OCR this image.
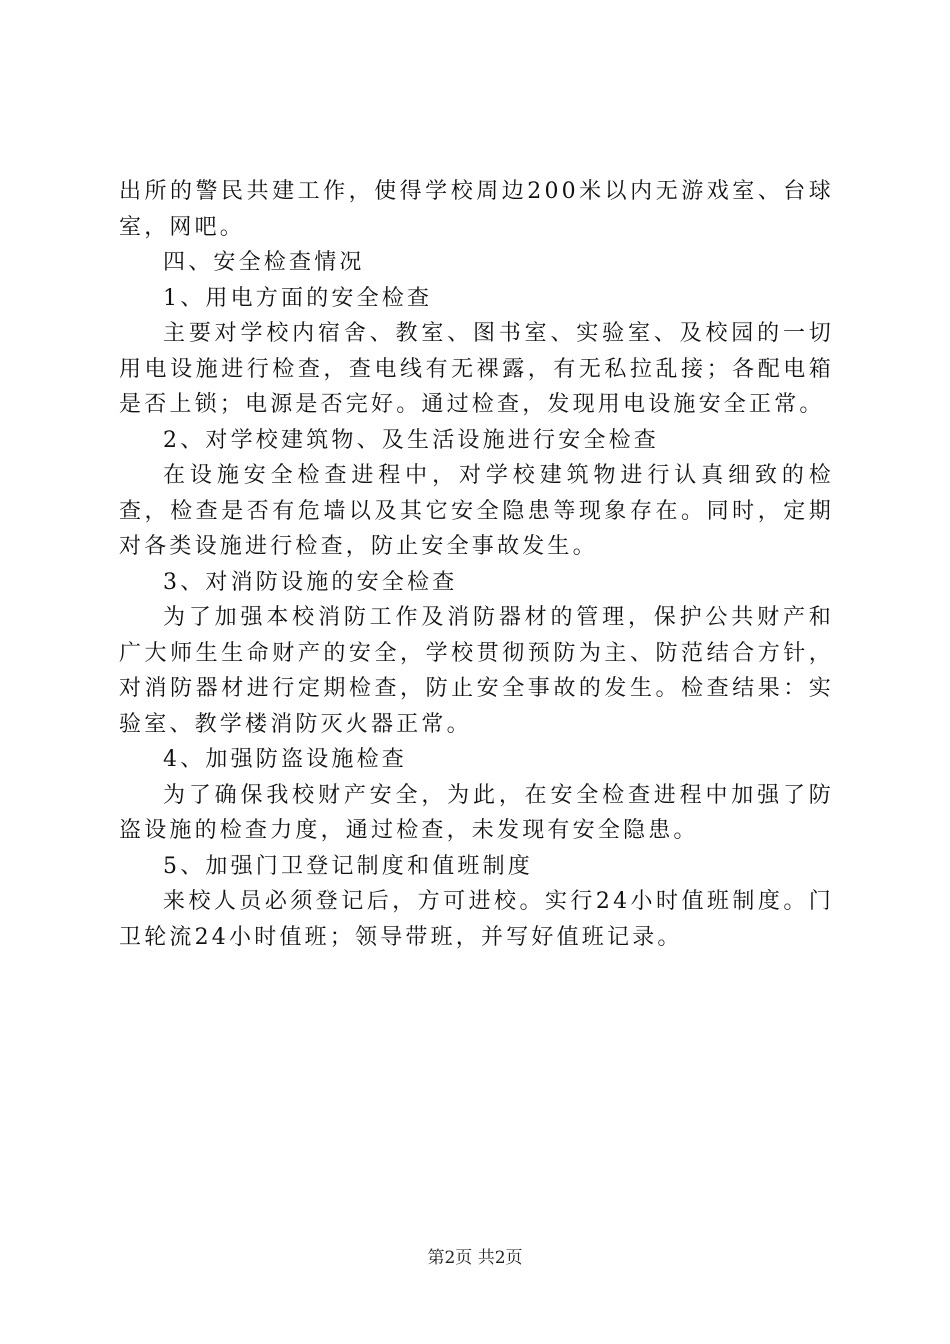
出所的警民共建工作，使得学校周边200米以内无游戏室、台球室，网吧。

四、安全检查情况

1、用电方面的安全检查

主要对学校内宿舍、教室、图书室、实验室、及校园的一切用电设施进行检查，查电线有无裸露，有无私拉乱接；各配电箱是否上锁；电源是否完好。通过检查，发现用电设施安全正常。

2、对学校建筑物、及生活设施进行安全检查

在设施安全检查进程中，对学校建筑物进行认真细致的检查，检查是否有危墙以及其它安全隐患等现象存在。同时，定期对各类设施进行检查，防止安全事故发生。

3、对消防设施的安全检查

为了加强本校消防工作及消防器材的管理，保护公共财产和广大师生生命财产的安全，学校贯彻预防为主、防范结合方针，对消防器材进行定期检查，防止安全事故的发生。检查结果：实验室、教学楼消防灭火器正常。

4、加强防盗设施检查

为了确保我校财产安全，为此，在安全检查进程中加强了防盗设施的检查力度，通过检查，未发现有安全隐患。

5、加强门卫登记制度和值班制度

来校人员必须登记后，方可进校。实行24小时值班制度。门卫轮流24小时值班；领导带班，并写好值班记录。

第2页 共2页
